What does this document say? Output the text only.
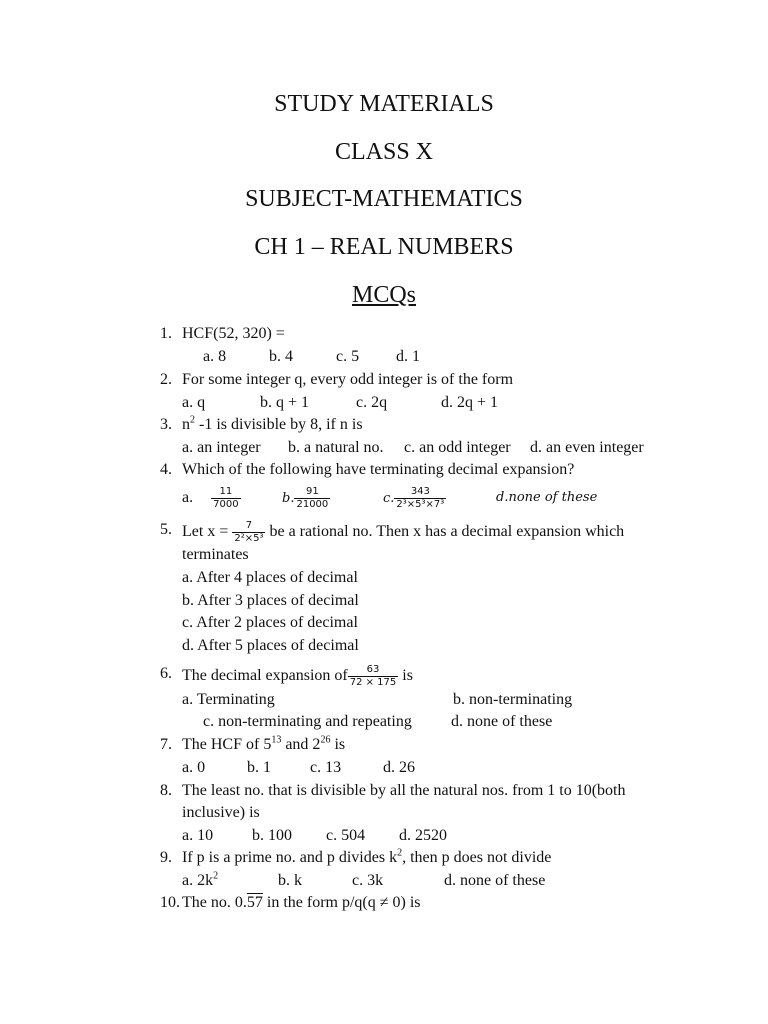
STUDY MATERIALS
CLASS X
SUBJECT-MATHEMATICS
CH 1 – REAL NUMBERS
MCQs
1. HCF(52, 320) =
a. 8	b. 4	c. 5 d. 1
2. For some integer q, every odd integer is of the form
a. q	b. q + 1	c. 2q	d. 2q + 1
3. $n^2$ -1 is divisible by 8, if n is
a. an integer b. a natural no. c. an odd integer d. an even integer
4. Which of the following have terminating decimal expansion?
a. $\frac{11}{7000}$	b. $\frac{91}{21000}$	c. $\frac{343}{\text{2³×5³×7³}}$	d.none of these
5. Let $x = \frac{7}{\text{2²×5³}}$ be a rational no. Then x has a decimal expansion which
terminates
a. After 4 places of decimal
b. After 3 places of decimal
c. After 2 places of decimal
d. After 5 places of decimal
6. The decimal expansion of $\frac{63}{72 \times 175}$ is
a. Terminating	b. non-terminating
c. non-terminating and repeating d. none of these
7. The HCF of $5^{13}$ and $2^{26}$ is
a. 0	b. 1 c. 13	d. 26
8. The least no. that is divisible by all the natural nos. from 1 to 10(both
inclusive) is
a. 10 b. 100 c. 504 d. 2520
9. If p is a prime no. and p divides $k^2$, then p does not divide
a. $2k^2$	b. k	c. 3k	d. none of these
10. The no. 0.57 in the form p/q(q ≠ 0) is
